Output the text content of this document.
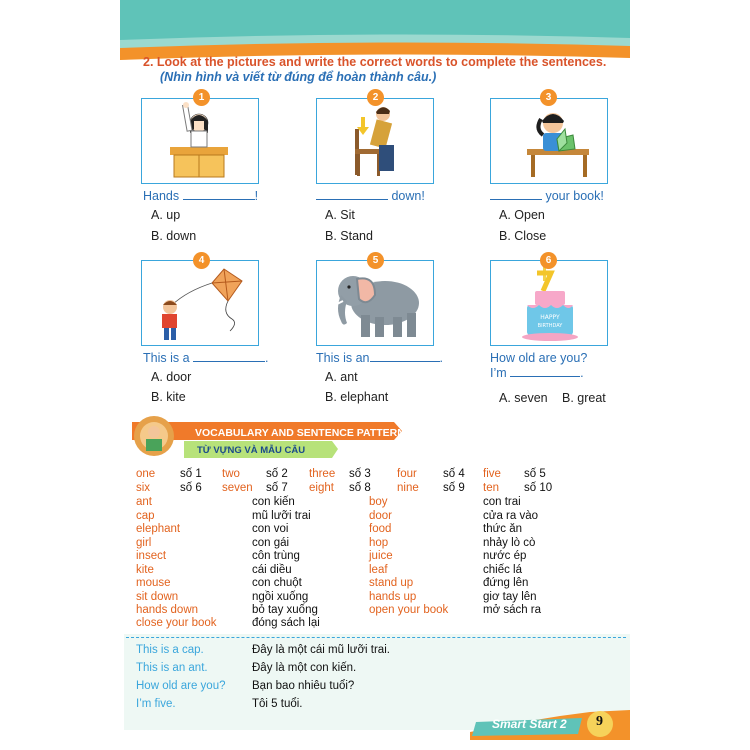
2. Look at the pictures and write the correct words to complete the sentences.
(Nhìn hình và viết từ đúng để hoàn thành câu.)
1	2	3
Hands	!
A. up
B. down
down!
A. Sit
B. Stand
your book!
A. Open
B. Close
4	5
HAPPY
BIRTHDAY
6
This is a	.
A. door
B. kite
This is an	.
A. ant
B. elephant
How old are you?
I’m	.
A. seven B. great
VOCABULARY AND SENTENCE PATTERNS
TỪ VỰNG VÀ MẪU CÂU
one số 1 two số 2 three số 3 four số 4 five số 5
six	số 6 seven số 7 eight số 8 nine số 9 ten số 10
ant	con kiến
cap	mũ lưỡi trai
elephant	con voi
girl	con gái
insect	côn trùng
kite	cái diều
mouse	con chuột
sit down	ngồi xuống
hands down	bỏ tay xuống
close your book	đóng sách lại
boy	con trai
door	cửa ra vào
food	thức ăn
hop	nhảy lò cò
juice	nước ép
leaf	chiếc lá
stand up	đứng lên
hands up	giơ tay lên
open your book	mở sách ra
This is a cap.	Đây là một cái mũ lưỡi trai.
This is an ant.	Đây là một con kiến.
How old are you? Bạn bao nhiêu tuổi?
I’m five.	Tôi 5 tuổi.
Smart Start 2 9
